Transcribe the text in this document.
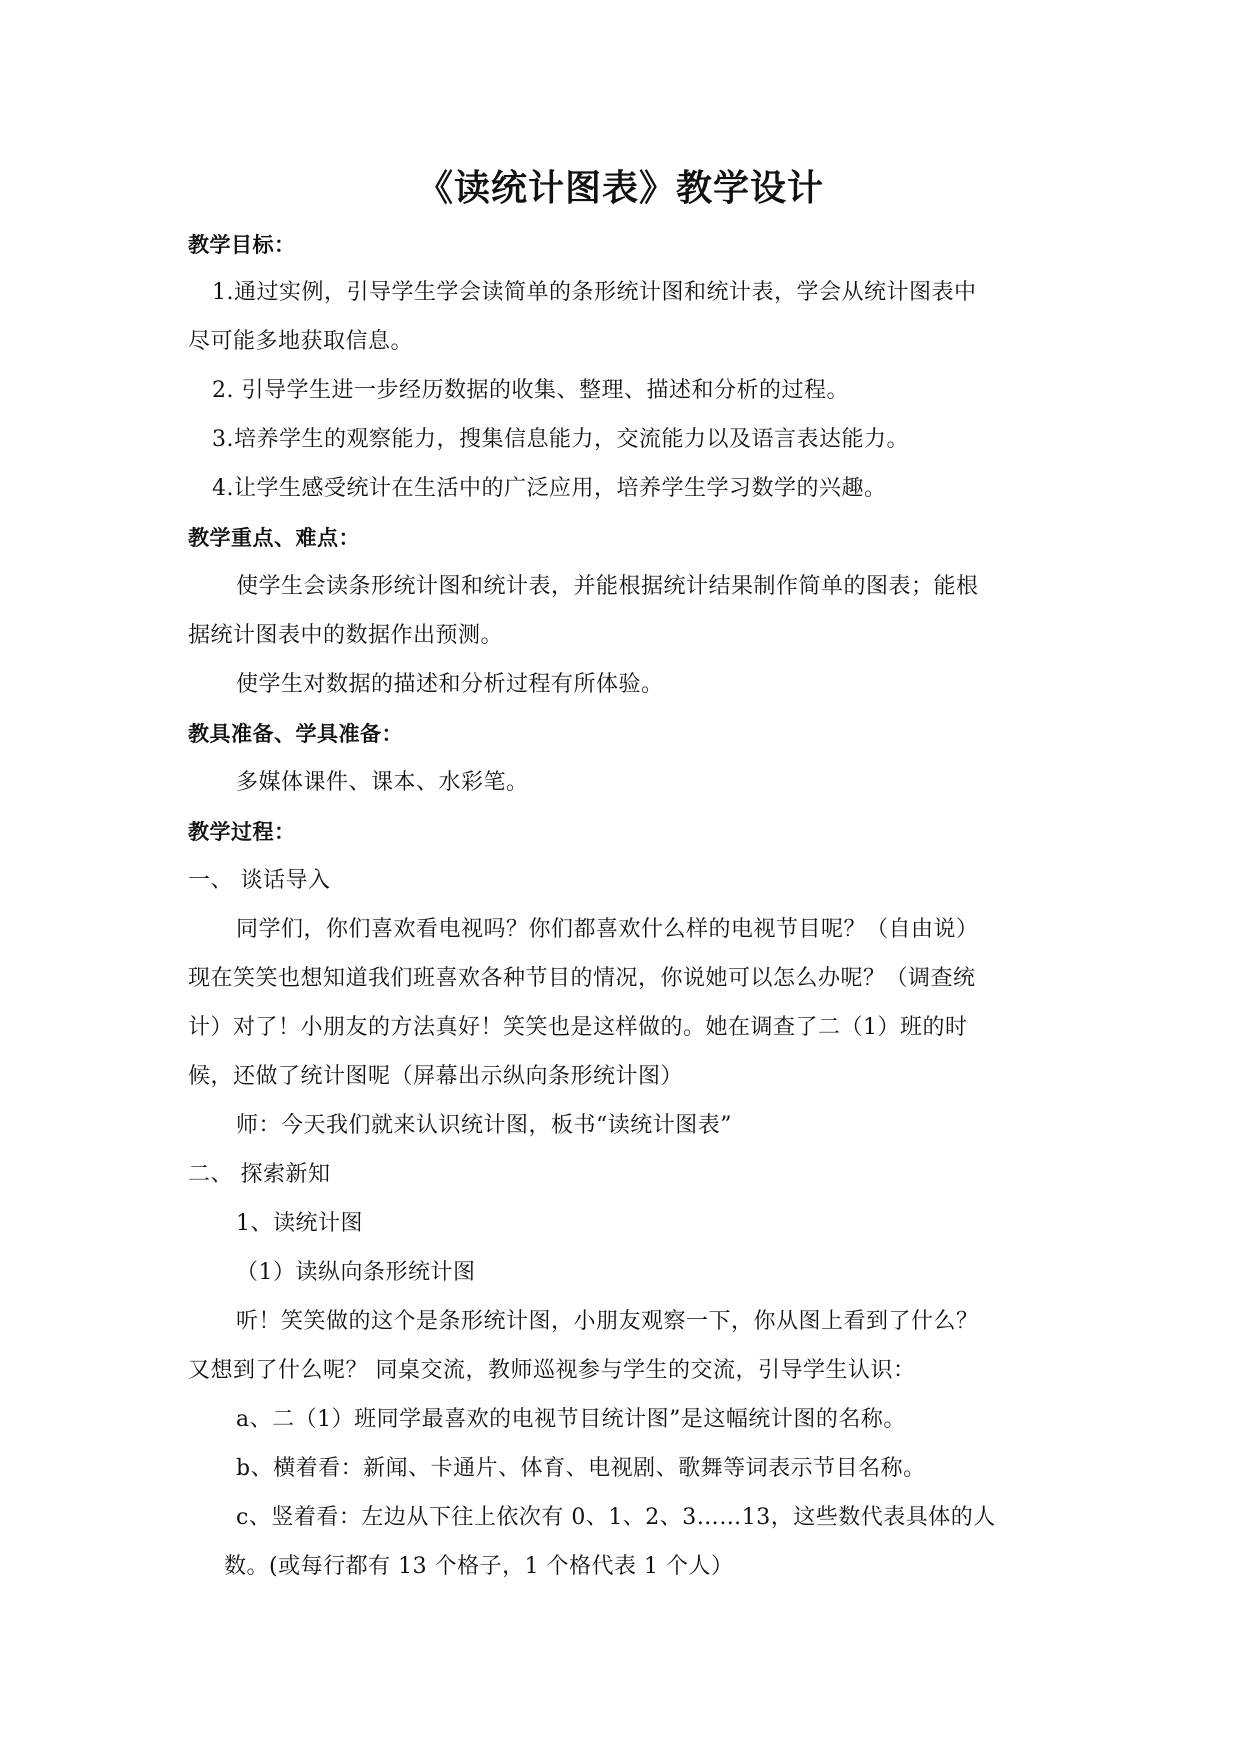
《读统计图表》教学设计
教学目标：
1.通过实例，引导学生学会读简单的条形统计图和统计表，学会从统计图表中
尽可能多地获取信息。
2. 引导学生进一步经历数据的收集、整理、描述和分析的过程。
3.培养学生的观察能力，搜集信息能力，交流能力以及语言表达能力。
4.让学生感受统计在生活中的广泛应用，培养学生学习数学的兴趣。
教学重点、难点：
使学生会读条形统计图和统计表，并能根据统计结果制作简单的图表；能根
据统计图表中的数据作出预测。
使学生对数据的描述和分析过程有所体验。
教具准备、学具准备：
多媒体课件、课本、水彩笔。
教学过程：
一、 谈话导入
同学们，你们喜欢看电视吗？你们都喜欢什么样的电视节目呢？（自由说）
现在笑笑也想知道我们班喜欢各种节目的情况，你说她可以怎么办呢？（调查统
计）对了！小朋友的方法真好！笑笑也是这样做的。她在调查了二（1）班的时
候，还做了统计图呢（屏幕出示纵向条形统计图）
师：今天我们就来认识统计图，板书“读统计图表”
二、 探索新知
1、读统计图
（1）读纵向条形统计图
听！笑笑做的这个是条形统计图，小朋友观察一下，你从图上看到了什么？
又想到了什么呢？ 同桌交流，教师巡视参与学生的交流，引导学生认识：
a、二（1）班同学最喜欢的电视节目统计图”是这幅统计图的名称。
b、横着看：新闻、卡通片、体育、电视剧、歌舞等词表示节目名称。
c、竖着看：左边从下往上依次有 0、1、2、3……13，这些数代表具体的人
数。(或每行都有 13 个格子，1 个格代表 1 个人）
